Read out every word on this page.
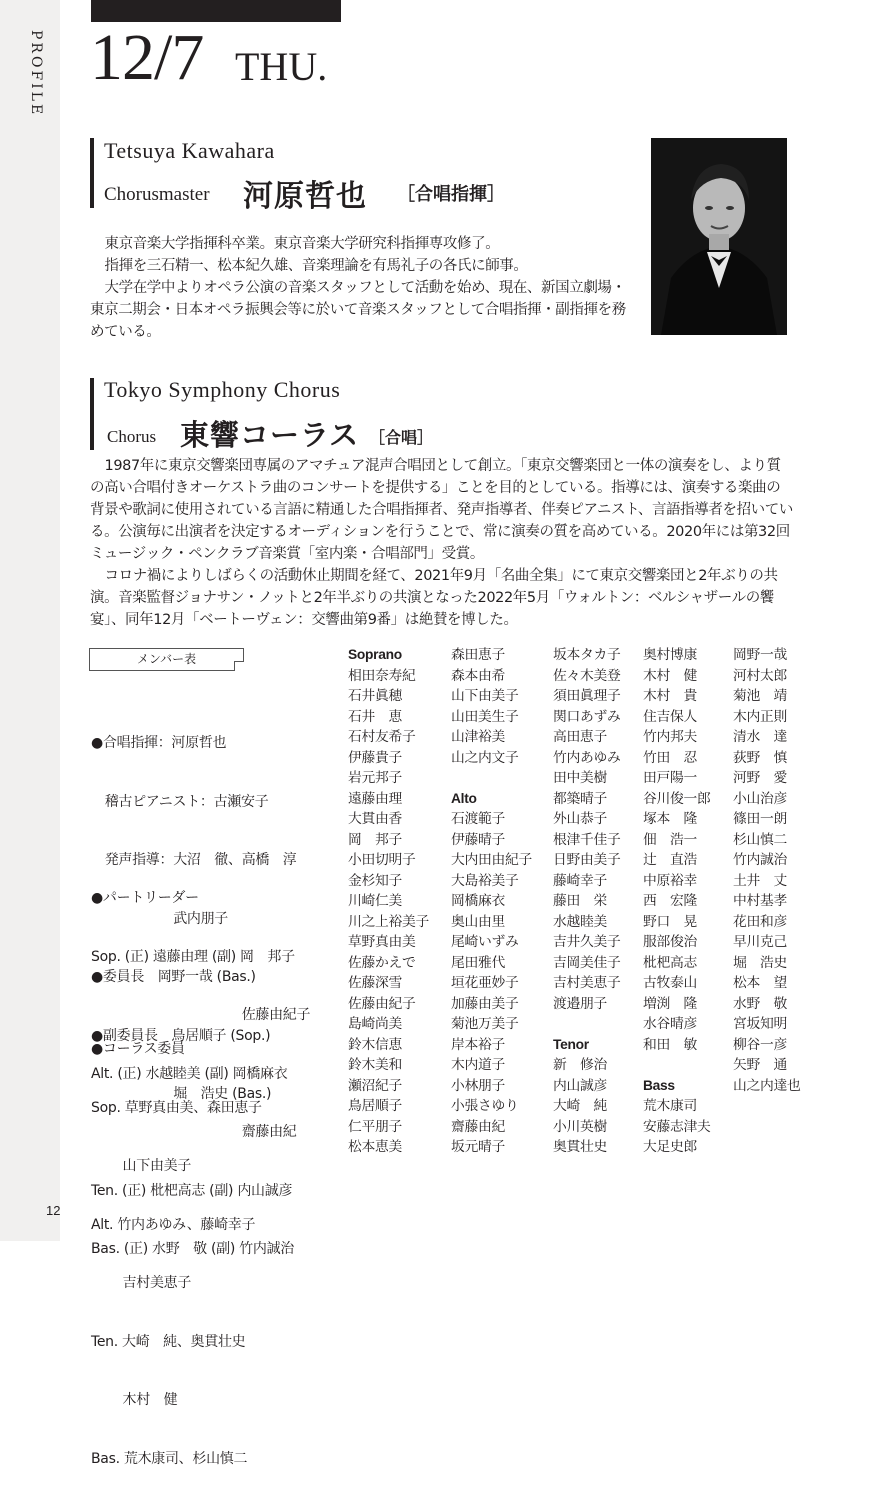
PROFILE
12
12/7 THU.
Tetsuya Kawahara
Chorusmaster 河原哲也 ［合唱指揮］

東京音楽大学指揮科卒業。東京音楽大学研究科指揮専攻修了。

指揮を三石精一、松本紀久雄、音楽理論を有馬礼子の各氏に師事。

大学在学中よりオペラ公演の音楽スタッフとして活動を始め、現在、新国立劇場・東京二期会・日本オペラ振興会等に於いて音楽スタッフとして合唱指揮・副指揮を務めている。

Tokyo Symphony Chorus
Chorus 東響コーラス ［合唱］

1987年に東京交響楽団専属のアマチュア混声合唱団として創立。「東京交響楽団と一体の演奏をし、より質の高い合唱付きオーケストラ曲のコンサートを提供する」ことを目的としている。指導には、演奏する楽曲の背景や歌詞に使用されている言語に精通した合唱指揮者、発声指導者、伴奏ピアニスト、言語指導者を招いている。公演毎に出演者を決定するオーディションを行うことで、常に演奏の質を高めている。2020年には第32回ミュージック・ペンクラブ音楽賞「室内楽・合唱部門」受賞。

コロナ禍によりしばらくの活動休止期間を経て、2021年9月「名曲全集」にて東京交響楽団と2年ぶりの共演。音楽監督ジョナサン・ノットと2年半ぶりの共演となった2022年5月「ウォルトン：ベルシャザールの饗宴」、同年12月「ベートーヴェン：交響曲第9番」は絶賛を博した。

メンバー表

●合唱指揮：河原哲也

　稽古ピアニスト：古瀬安子

　発声指導：大沼　徹、高橋　淳

　　　　　　武内朋子

●委員長　岡野一哉 (Bas.)

●副委員長　鳥居順子 (Sop.)

　　　　　　堀　浩史 (Bas.)

●パートリーダー

Sop. (正) 遠藤由理 (副) 岡　邦子

　　　　　　　　　　　佐藤由紀子

Alt. (正) 水越睦美 (副) 岡橋麻衣

　　　　　　　　　　　齋藤由紀

Ten. (正) 枇杷高志 (副) 内山誠彦

Bas. (正) 水野　敬 (副) 竹内誠治

●コーラス委員

Sop. 草野真由美、森田恵子

　　 山下由美子

Alt. 竹内あゆみ、藤崎幸子

　　 吉村美恵子

Ten. 大崎　純、奥貫壮史

　　 木村　健

Bas. 荒木康司、杉山慎二

Soprano
相田奈寿紀
石井眞穂
石井　恵
石村友希子
伊藤貴子
岩元邦子
遠藤由理
大貫由香
岡　邦子
小田切明子
金杉知子
川崎仁美
川之上裕美子
草野真由美
佐藤かえで
佐藤深雪
佐藤由紀子
島崎尚美
鈴木信恵
鈴木美和
瀬沼紀子
鳥居順子
仁平朋子
松本恵美
森田恵子
森本由希
山下由美子
山田美生子
山津裕美
山之内文子
Alto
石渡範子
伊藤晴子
大内田由紀子
大島裕美子
岡橋麻衣
奥山由里
尾崎いずみ
尾田雅代
垣花亜妙子
加藤由美子
菊池万美子
岸本裕子
木内道子
小林朋子
小張さゆり
齋藤由紀
坂元晴子
坂本タカ子
佐々木美登
須田眞理子
関口あずみ
高田恵子
竹内あゆみ
田中美樹
都築晴子
外山恭子
根津千佳子
日野由美子
藤崎幸子
藤田　栄
水越睦美
吉井久美子
吉岡美佳子
吉村美恵子
渡邉朋子
Tenor
新　修治
内山誠彦
大崎　純
小川英樹
奥貫壮史
奥村博康
木村　健
木村　貴
住吉保人
竹内邦夫
竹田　忍
田戸陽一
谷川俊一郎
塚本　隆
佃　浩一
辻　直浩
中原裕幸
西　宏隆
野口　晃
服部俊治
枇杷高志
古牧泰山
増渕　隆
水谷晴彦
和田　敏
Bass
荒木康司
安藤志津夫
大足史郎
岡野一哉
河村太郎
菊池　靖
木内正則
清水　達
荻野　慎
河野　愛
小山治彦
篠田一朗
杉山慎二
竹内誠治
土井　丈
中村基孝
花田和彦
早川克己
堀　浩史
松本　望
水野　敬
宮坂知明
柳谷一彦
矢野　通
山之内達也
